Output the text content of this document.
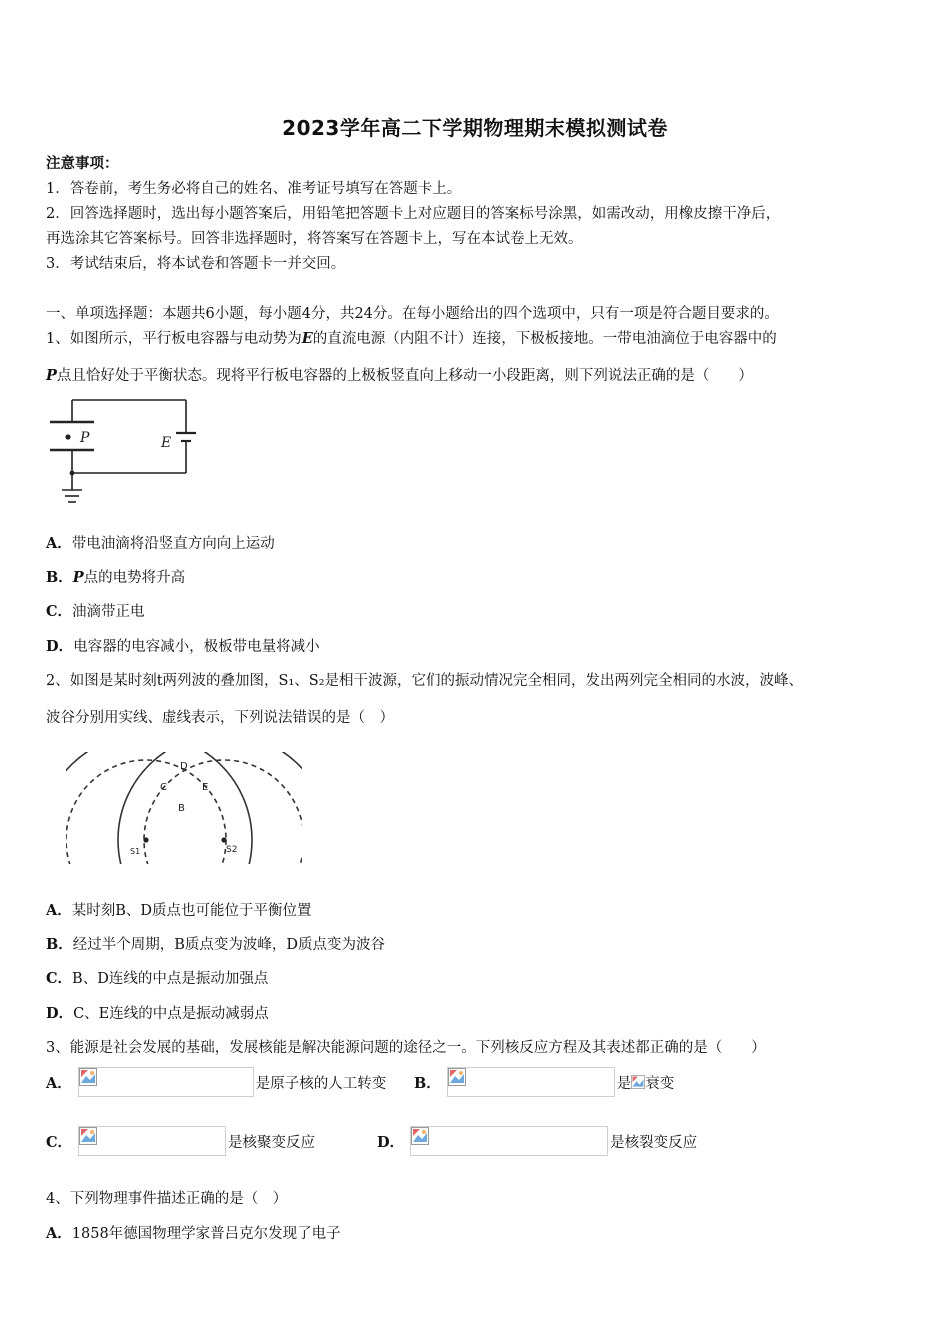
2023学年高二下学期物理期末模拟测试卷
注意事项：
1．答卷前，考生务必将自己的姓名、准考证号填写在答题卡上。
2．回答选择题时，选出每小题答案后，用铅笔把答题卡上对应题目的答案标号涂黑，如需改动，用橡皮擦干净后，
再选涂其它答案标号。回答非选择题时，将答案写在答题卡上，写在本试卷上无效。
3．考试结束后，将本试卷和答题卡一并交回。
一、单项选择题：本题共6小题，每小题4分，共24分。在每小题给出的四个选项中，只有一项是符合题目要求的。
1、如图所示，平行板电容器与电动势为E的直流电源（内阻不计）连接，下极板接地。一带电油滴位于电容器中的
P点且恰好处于平衡状态。现将平行板电容器的上极板竖直向上移动一小段距离，则下列说法正确的是（　　）
P	E
A．带电油滴将沿竖直方向向上运动
B．P点的电势将升高
C．油滴带正电
D．电容器的电容减小，极板带电量将减小
2、如图是某时刻t两列波的叠加图，S₁、S₂是相干波源，它们的振动情况完全相同，发出两列完全相同的水波，波峰、
波谷分别用实线、虚线表示，下列说法错误的是（　）
D
C	E
B
S1	S2
A．某时刻B、D质点也可能位于平衡位置
B．经过半个周期，B质点变为波峰，D质点变为波谷
C．B、D连线的中点是振动加强点
D．C、E连线的中点是振动减弱点
3、能源是社会发展的基础，发展核能是解决能源问题的途径之一。下列核反应方程及其表述都正确的是（　　）
A．	是原子核的人工转变 B．	是 衰变
C．	是核聚变反应	D．	是核裂变反应
4、下列物理事件描述正确的是（　）
A．1858年德国物理学家普吕克尔发现了电子
